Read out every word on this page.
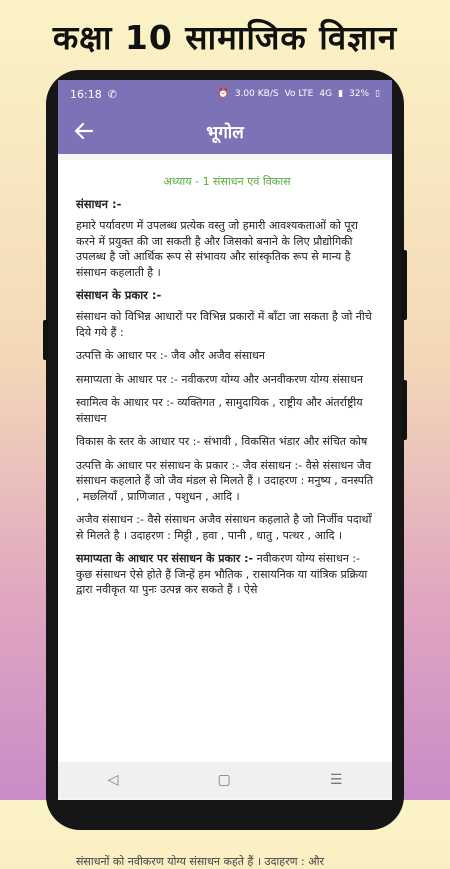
कक्षा 10 सामाजिक विज्ञान
16:18 ✆	⏰ 3.00 KB/S Vo LTE 4G ▮ 32% ▯
भूगोल
अध्याय - 1 संसाधन एवं विकास
संसाधन :-

हमारे पर्यावरण में उपलब्ध प्रत्येक वस्तु जो हमारी आवश्यकताओं को पूरा करने में प्रयुक्त की जा सकती है और जिसको बनाने के लिए प्रौद्योगिकी उपलब्ध है जो आर्थिक रूप से संभावय और सांस्कृतिक रूप से मान्य है संसाधन कहलाती है ।

संसाधन के प्रकार :-

संसाधन को विभिन्न आधारों पर विभिन्न प्रकारों में बाँटा जा सकता है जो नीचे दिये गये हैं :

उत्पत्ति के आधार पर :- जैव और अजैव संसाधन

समाप्यता के आधार पर :- नवीकरण योग्य और अनवीकरण योग्य संसाधन

स्वामित्व के आधार पर :- व्यक्तिगत , सामुदायिक , राष्ट्रीय और अंतर्राष्ट्रीय संसाधन

विकास के स्तर के आधार पर :- संभावी , विकसित भंडार और संचित कोष

उत्पत्ति के आधार पर संसाधन के प्रकार :- जैव संसाधन :- वैसे संसाधन जैव संसाधन कहलाते हैं जो जैव मंडल से मिलते हैं । उदाहरण : मनुष्य , वनस्पति , मछलियाँ , प्राणिजात , पशुधन , आदि ।

अजैव संसाधन :- वैसे संसाधन अजैव संसाधन कहलाते है जो निर्जीव पदार्थों से मिलते है । उदाहरण : मिट्टी , हवा , पानी , धातु , पत्थर , आदि ।

समाप्यता के आधार पर संसाधन के प्रकार :- नवीकरण योग्य संसाधन :- कुछ संसाधन ऐसे होते हैं जिन्हें हम भौतिक , रासायनिक या यांत्रिक प्रक्रिया द्वारा नवीकृत या पुनः उत्पन्न कर सकते हैं । ऐसे

संसाधनों को नवीकरण योग्य संसाधन कहते हैं । उदाहरण : और
◁	▢	☰
